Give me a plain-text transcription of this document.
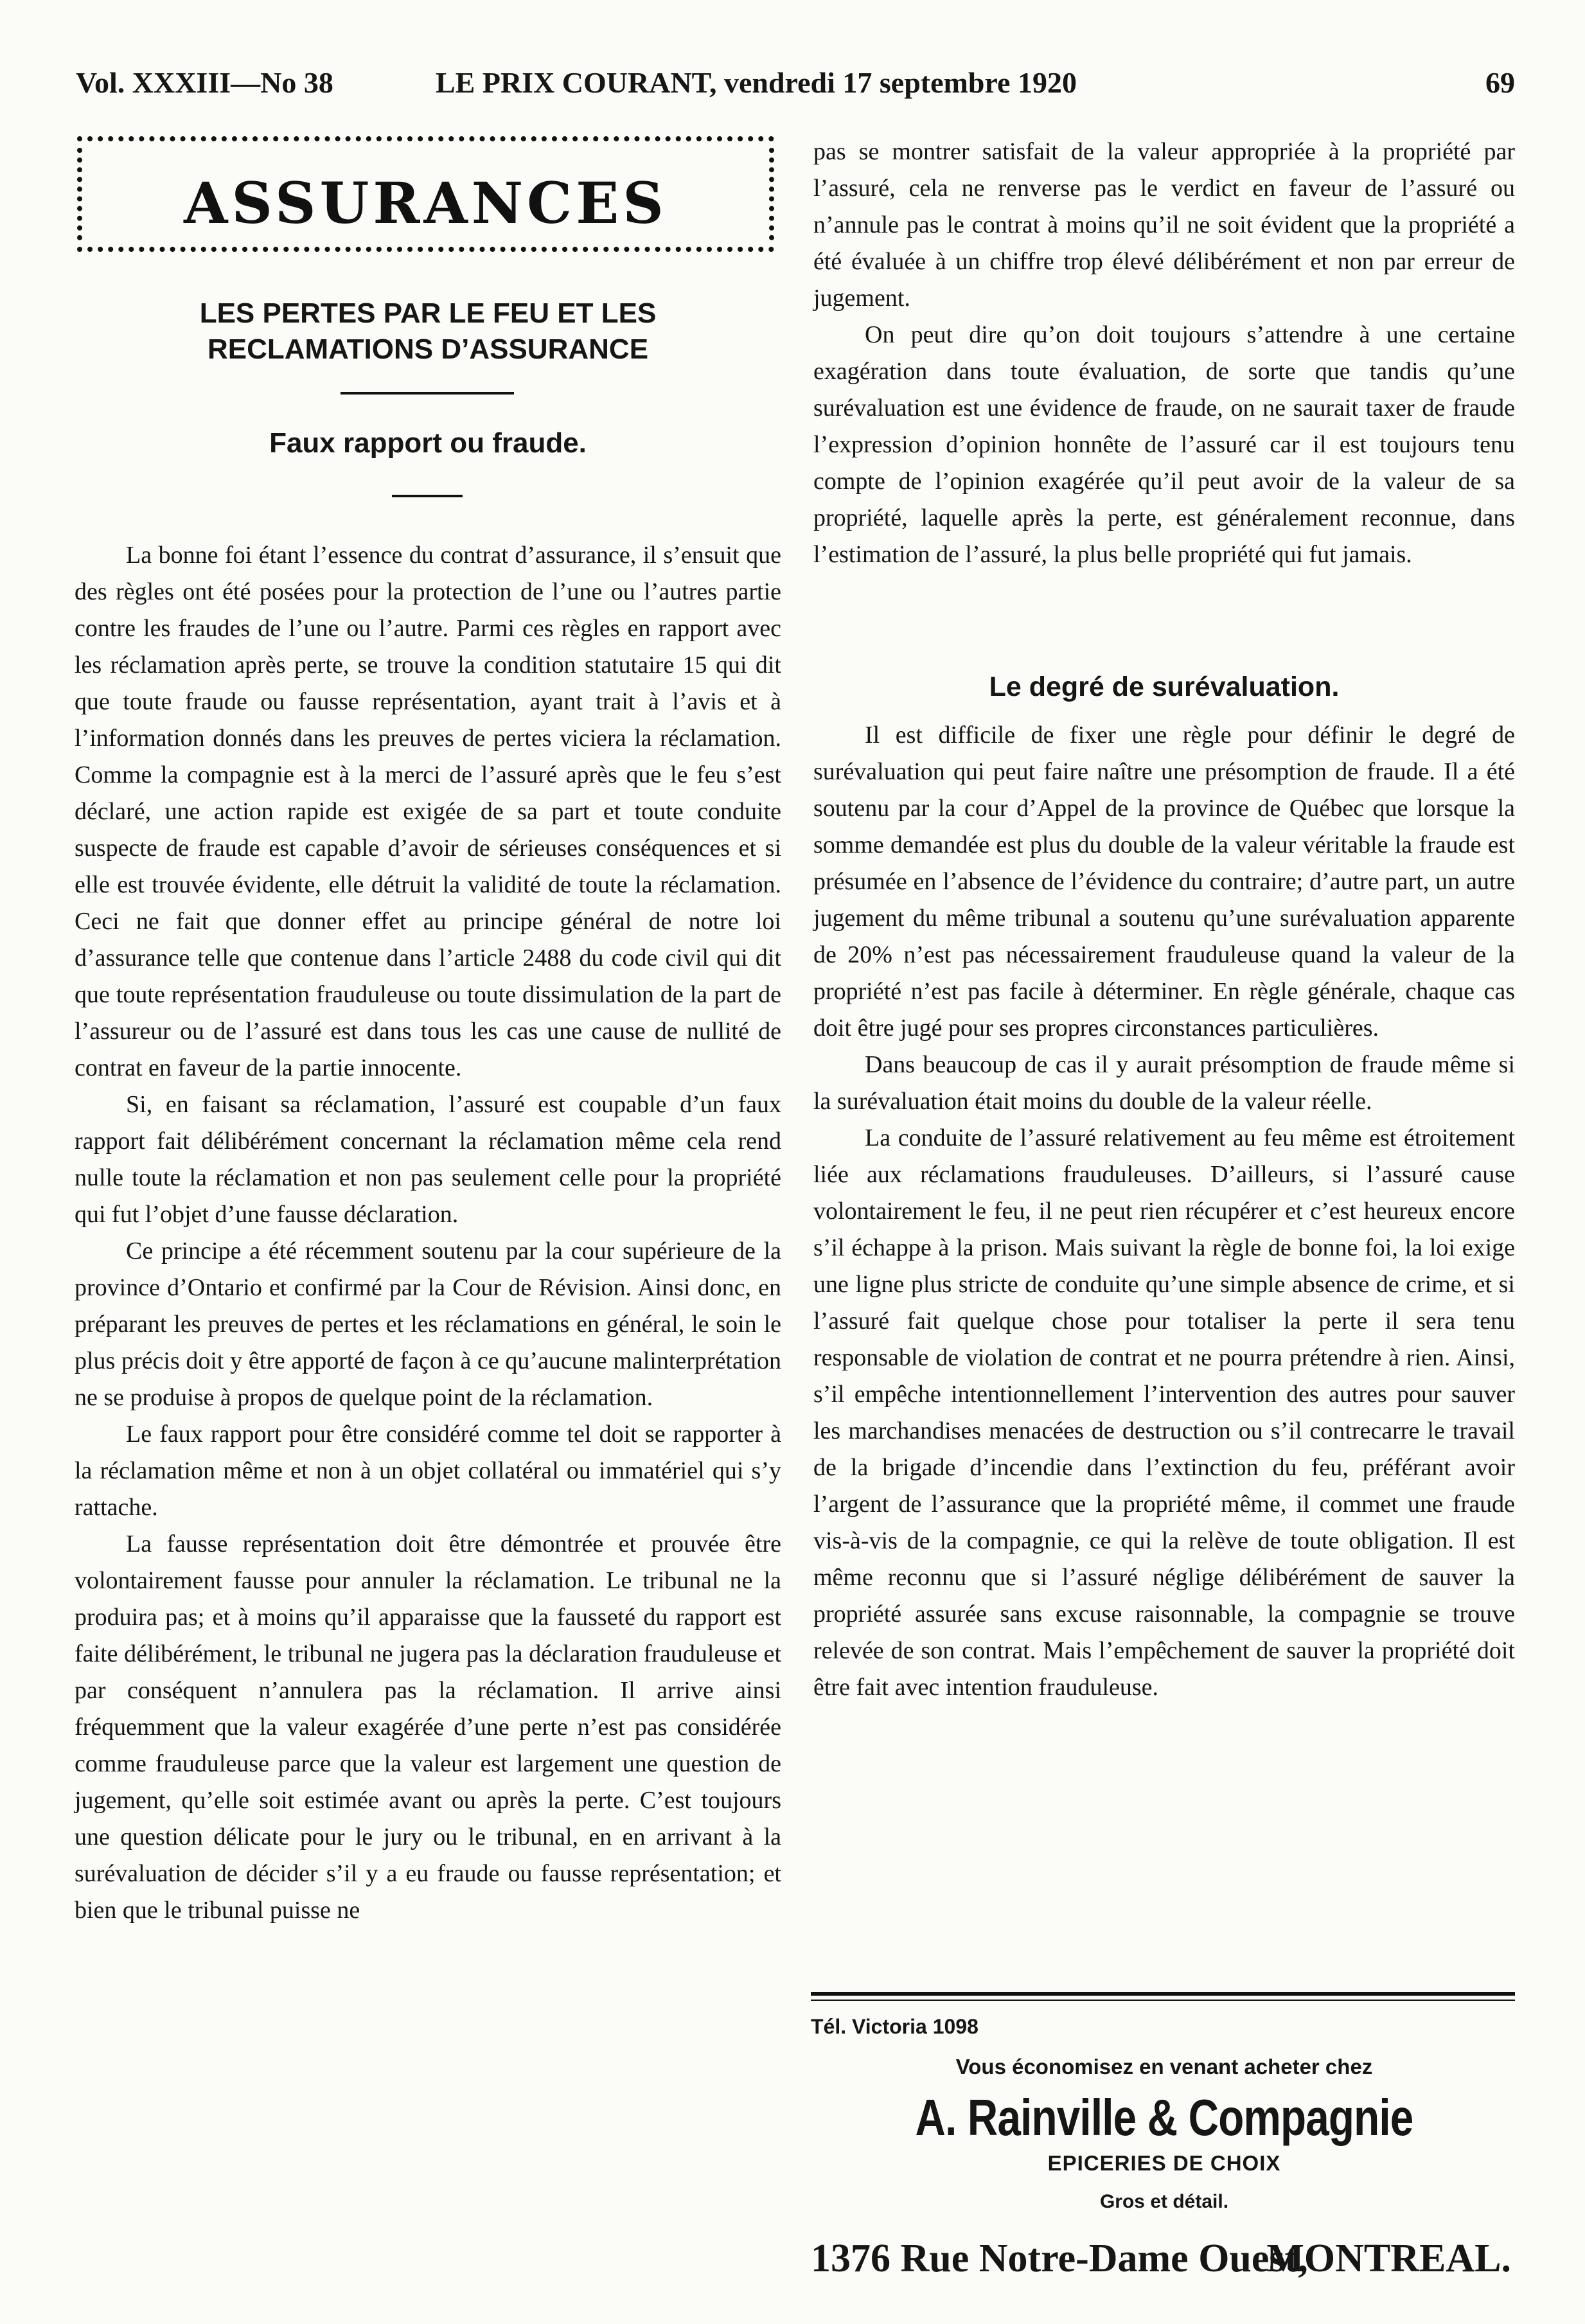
Vol. XXXIII—No 38	LE PRIX COURANT, vendredi 17 septembre 1920	69
ASSURANCES
LES PERTES PAR LE FEU ET LES
RECLAMATIONS D’ASSURANCE
Faux rapport ou fraude.

La bonne foi étant l’essence du contrat d’assurance, il s’ensuit que des règles ont été posées pour la protection de l’une ou l’autres partie contre les fraudes de l’une ou l’autre. Parmi ces règles en rapport avec les réclamation après perte, se trouve la condition statutaire 15 qui dit que toute fraude ou fausse représentation, ayant trait à l’avis et à l’information donnés dans les preuves de pertes viciera la réclamation. Comme la compagnie est à la merci de l’assuré après que le feu s’est déclaré, une action rapide est exigée de sa part et toute conduite suspecte de fraude est capable d’avoir de sérieuses conséquences et si elle est trouvée évidente, elle détruit la validité de toute la réclamation. Ceci ne fait que donner effet au principe général de notre loi d’assurance telle que contenue dans l’article 2488 du code civil qui dit que toute représentation frauduleuse ou toute dissimulation de la part de l’assureur ou de l’assuré est dans tous les cas une cause de nullité de contrat en faveur de la partie innocente.

Si, en faisant sa réclamation, l’assuré est coupable d’un faux rapport fait délibérément concernant la réclamation même cela rend nulle toute la réclamation et non pas seulement celle pour la propriété qui fut l’objet d’une fausse déclaration.

Ce principe a été récemment soutenu par la cour supérieure de la province d’Ontario et confirmé par la Cour de Révision. Ainsi donc, en préparant les preuves de pertes et les réclamations en général, le soin le plus précis doit y être apporté de façon à ce qu’aucune malinterprétation ne se produise à propos de quelque point de la réclamation.

Le faux rapport pour être considéré comme tel doit se rapporter à la réclamation même et non à un objet collatéral ou immatériel qui s’y rattache.

La fausse représentation doit être démontrée et prouvée être volontairement fausse pour annuler la réclamation. Le tribunal ne la produira pas; et à moins qu’il apparaisse que la fausseté du rapport est faite délibérément, le tribunal ne jugera pas la déclaration frauduleuse et par conséquent n’annulera pas la réclamation. Il arrive ainsi fréquemment que la valeur exagérée d’une perte n’est pas considérée comme frauduleuse parce que la valeur est largement une question de jugement, qu’elle soit estimée avant ou après la perte. C’est toujours une question délicate pour le jury ou le tribunal, en en arrivant à la surévaluation de décider s’il y a eu fraude ou fausse représentation; et bien que le tribunal puisse ne

pas se montrer satisfait de la valeur appropriée à la propriété par l’assuré, cela ne renverse pas le verdict en faveur de l’assuré ou n’annule pas le contrat à moins qu’il ne soit évident que la propriété a été évaluée à un chiffre trop élevé délibérément et non par erreur de jugement.

On peut dire qu’on doit toujours s’attendre à une certaine exagération dans toute évaluation, de sorte que tandis qu’une surévaluation est une évidence de fraude, on ne saurait taxer de fraude l’expression d’opinion honnête de l’assuré car il est toujours tenu compte de l’opinion exagérée qu’il peut avoir de la valeur de sa propriété, laquelle après la perte, est généralement reconnue, dans l’estimation de l’assuré, la plus belle propriété qui fut jamais.

Le degré de surévaluation.

Il est difficile de fixer une règle pour définir le degré de surévaluation qui peut faire naître une présomption de fraude. Il a été soutenu par la cour d’Appel de la province de Québec que lorsque la somme demandée est plus du double de la valeur véritable la fraude est présumée en l’absence de l’évidence du contraire; d’autre part, un autre jugement du même tribunal a soutenu qu’une surévaluation apparente de 20% n’est pas nécessairement frauduleuse quand la valeur de la propriété n’est pas facile à déterminer. En règle générale, chaque cas doit être jugé pour ses propres circonstances particulières.

Dans beaucoup de cas il y aurait présomption de fraude même si la surévaluation était moins du double de la valeur réelle.

La conduite de l’assuré relativement au feu même est étroitement liée aux réclamations frauduleuses. D’ailleurs, si l’assuré cause volontairement le feu, il ne peut rien récupérer et c’est heureux encore s’il échappe à la prison. Mais suivant la règle de bonne foi, la loi exige une ligne plus stricte de conduite qu’une simple absence de crime, et si l’assuré fait quelque chose pour totaliser la perte il sera tenu responsable de violation de contrat et ne pourra prétendre à rien. Ainsi, s’il empêche intentionnellement l’intervention des autres pour sauver les marchandises menacées de destruction ou s’il contrecarre le travail de la brigade d’incendie dans l’extinction du feu, préférant avoir l’argent de l’assurance que la propriété même, il commet une fraude vis-à-vis de la compagnie, ce qui la relève de toute obligation. Il est même reconnu que si l’assuré néglige délibérément de sauver la propriété assurée sans excuse raisonnable, la compagnie se trouve relevée de son contrat. Mais l’empêchement de sauver la propriété doit être fait avec intention frauduleuse.

Tél. Victoria 1098
Vous économisez en venant acheter chez
A. Rainville & Compagnie
EPICERIES DE CHOIX
Gros et détail.
1376 Rue Notre-Dame Ouest,
MONTREAL.
